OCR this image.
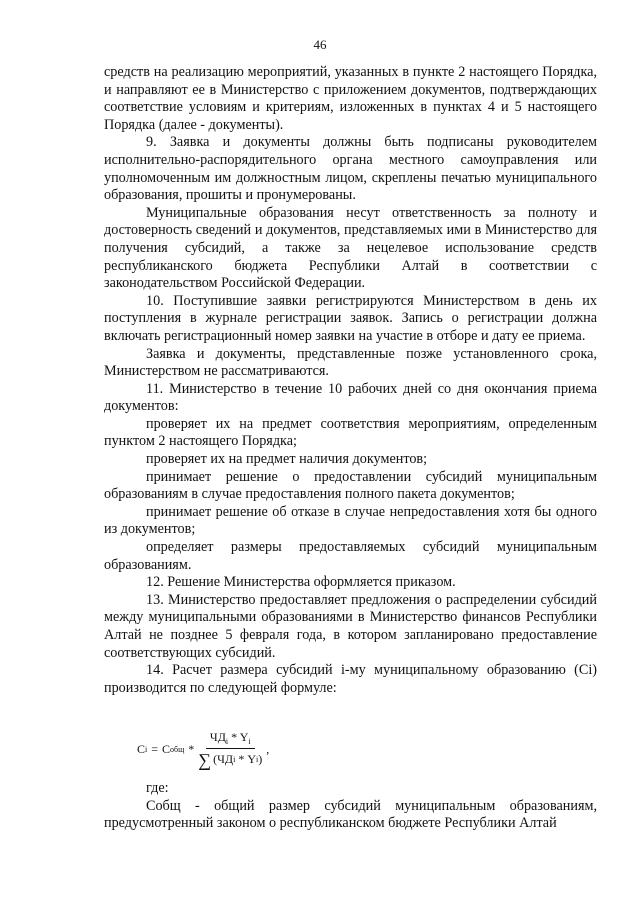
46

средств на реализацию мероприятий, указанных в пункте 2 настоящего Порядка, и направляют ее в Министерство с приложением документов, подтверждающих соответствие условиям и критериям, изложенных в пунктах 4 и 5 настоящего Порядка (далее - документы).

9. Заявка и документы должны быть подписаны руководителем исполнительно-распорядительного органа местного самоуправления или уполномоченным им должностным лицом, скреплены печатью муниципального образования, прошиты и пронумерованы.

Муниципальные образования несут ответственность за полноту и достоверность сведений и документов, представляемых ими в Министерство для получения субсидий, а также за нецелевое использование средств республиканского бюджета Республики Алтай в соответствии с законодательством Российской Федерации.

10. Поступившие заявки регистрируются Министерством в день их поступления в журнале регистрации заявок. Запись о регистрации должна включать регистрационный номер заявки на участие в отборе и дату ее приема.

Заявка и документы, представленные позже установленного срока, Министерством не рассматриваются.

11. Министерство в течение 10 рабочих дней со дня окончания приема документов:

проверяет их на предмет соответствия мероприятиям, определенным пунктом 2 настоящего Порядка;

проверяет их на предмет наличия документов;

принимает решение о предоставлении субсидий муниципальным образованиям в случае предоставления полного пакета документов;

принимает решение об отказе в случае непредоставления хотя бы одного из документов;

определяет размеры предоставляемых субсидий муниципальным образованиям.

12. Решение Министерства оформляется приказом.

13. Министерство предоставляет предложения о распределении субсидий между муниципальными образованиями в Министерство финансов Республики Алтай не позднее 5 февраля года, в котором запланировано предоставление соответствующих субсидий.

14. Расчет размера субсидий i-му муниципальному образованию (Ci) производится по следующей формуле:

C i = C общ * $ЧД_i * Y_i$
∑ (ЧД i
*
Y i ) ,

где:

Собщ - общий размер субсидий муниципальным образованиям, предусмотренный законом о республиканском бюджете Республики Алтай
